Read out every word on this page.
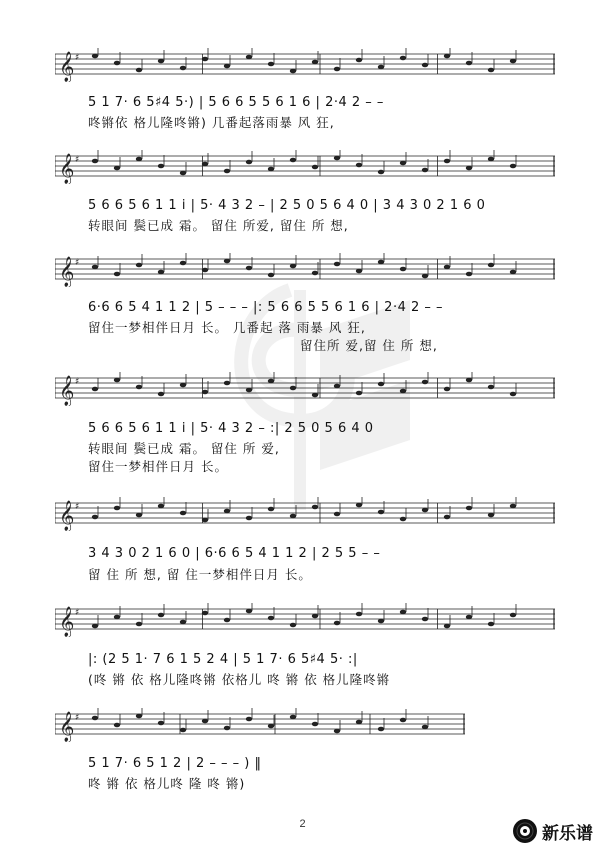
𝄞 ♯
5 1 7· 6 5♯4 5·) | 5 6 6 5 5 6 1 6 | 2·4 2 – –
咚锵依 格儿隆咚锵) 几番起落雨暴 风 狂,
𝄞 ♯
5 6 6 5 6 1 1 i | 5· 4 3 2 – | 2 5 0 5 6 4 0 | 3 4 3 0 2 1 6 0
转眼间 鬓已成 霜。 留住 所爱, 留住 所 想,
𝄞 ♯
6·6 6 5 4 1 1 2 | 5 – – – |: 5 6 6 5 5 6 1 6 | 2·4 2 – –
留住一梦相伴日月 长。 几番起 落 雨暴 风 狂,
留住所 爱,留 住 所 想,
𝄞 ♯
5 6 6 5 6 1 1 i | 5· 4 3 2 – :| 2 5 0 5 6 4 0
转眼间 鬓已成 霜。 留住 所 爱,
留住一梦相伴日月 长。
𝄞 ♯
3 4 3 0 2 1 6 0 | 6·6 6 5 4 1 1 2 | 2 5 5 – –
留 住 所 想, 留 住一梦相伴日月 长。
𝄞 ♯
|: (2 5 1· 7 6 1 5 2 4 | 5 1 7· 6 5♯4 5· :|
(咚 锵 依 格儿隆咚锵 依格儿 咚 锵 依 格儿隆咚锵
𝄞 ♯
5 1 7· 6 5 1 2 | 2 – – – ) ‖
咚 锵 依 格儿咚 隆 咚 锵)
2	新乐谱
